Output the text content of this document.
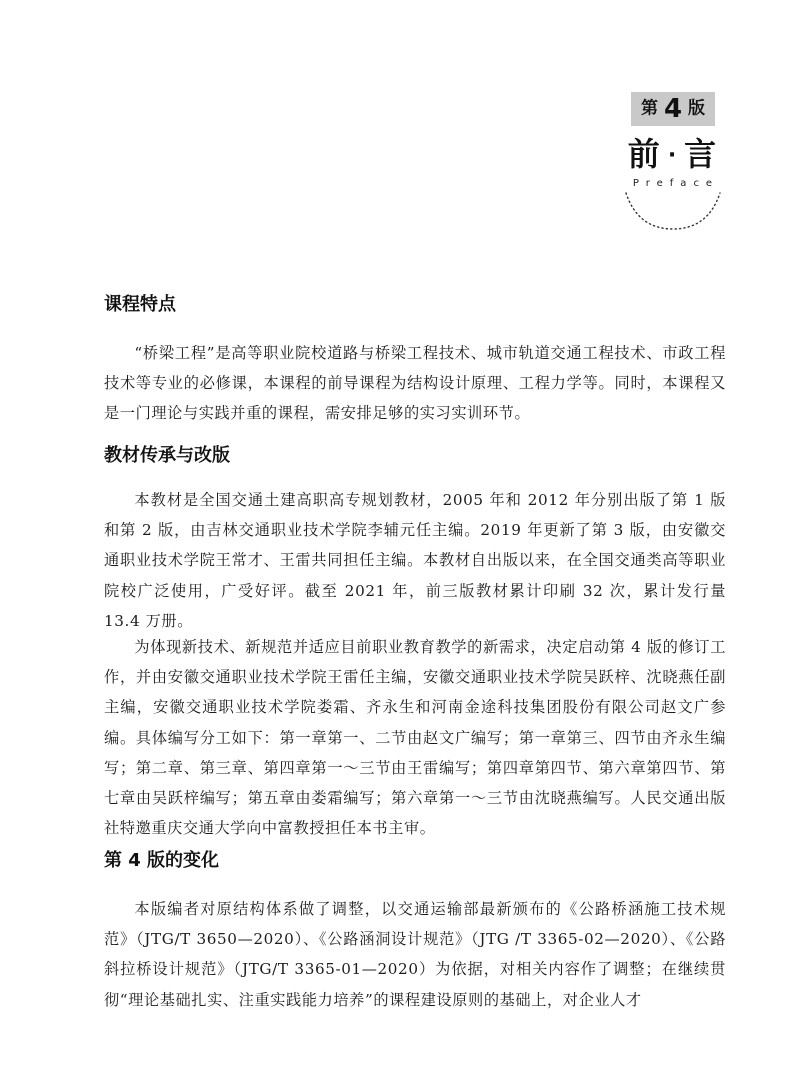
第 4 版
前 · 言
Preface
课程特点
“桥梁工程”是高等职业院校道路与桥梁工程技术、城市轨道交通工程技术、市政工程技术等专业的必修课，本课程的前导课程为结构设计原理、工程力学等。同时，本课程又是一门理论与实践并重的课程，需安排足够的实习实训环节。
教材传承与改版
本教材是全国交通土建高职高专规划教材，2005 年和 2012 年分别出版了第 1 版和第 2 版，由吉林交通职业技术学院李辅元任主编。2019 年更新了第 3 版，由安徽交通职业技术学院王常才、王雷共同担任主编。本教材自出版以来，在全国交通类高等职业院校广泛使用，广受好评。截至 2021 年，前三版教材累计印刷 32 次，累计发行量 13.4 万册。
为体现新技术、新规范并适应目前职业教育教学的新需求，决定启动第 4 版的修订工作，并由安徽交通职业技术学院王雷任主编，安徽交通职业技术学院吴跃梓、沈晓燕任副主编，安徽交通职业技术学院娄霜、齐永生和河南金途科技集团股份有限公司赵文广参编。具体编写分工如下：第一章第一、二节由赵文广编写；第一章第三、四节由齐永生编写；第二章、第三章、第四章第一～三节由王雷编写；第四章第四节、第六章第四节、第七章由吴跃梓编写；第五章由娄霜编写；第六章第一～三节由沈晓燕编写。人民交通出版社特邀重庆交通大学向中富教授担任本书主审。
第 4 版的变化
本版编者对原结构体系做了调整，以交通运输部最新颁布的《公路桥涵施工技术规范》（JTG/T 3650—2020）、《公路涵洞设计规范》（JTG /T 3365-02—2020）、《公路斜拉桥设计规范》（JTG/T 3365-01—2020）为依据，对相关内容作了调整；在继续贯彻“理论基础扎实、注重实践能力培养”的课程建设原则的基础上，对企业人才
